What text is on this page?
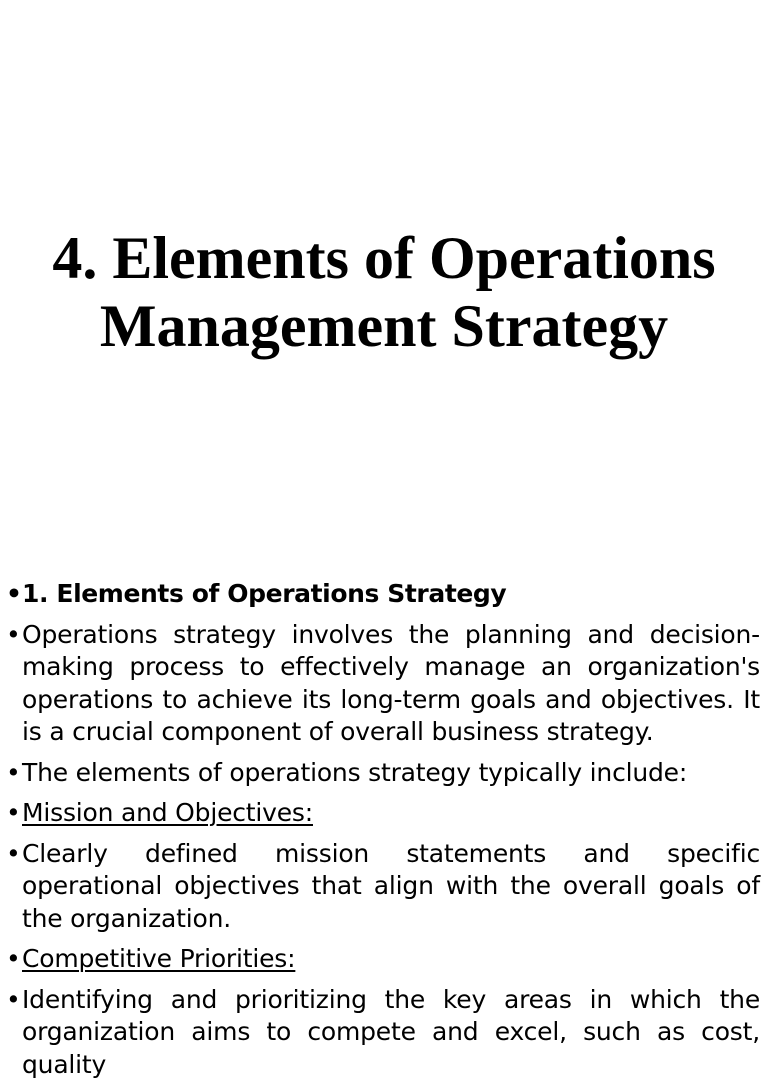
4. Elements of Operations
Management Strategy
• 1. Elements of Operations Strategy
• Operations strategy involves the planning and decision-making process to effectively manage an organization's operations to achieve its long-term goals and objectives. It is a crucial component of overall business strategy.
• The elements of operations strategy typically include:
• Mission and Objectives:
• Clearly defined mission statements and specific operational objectives that align with the overall goals of the organization.
• Competitive Priorities:
• Identifying and prioritizing the key areas in which the organization aims to compete and excel, such as cost, quality
